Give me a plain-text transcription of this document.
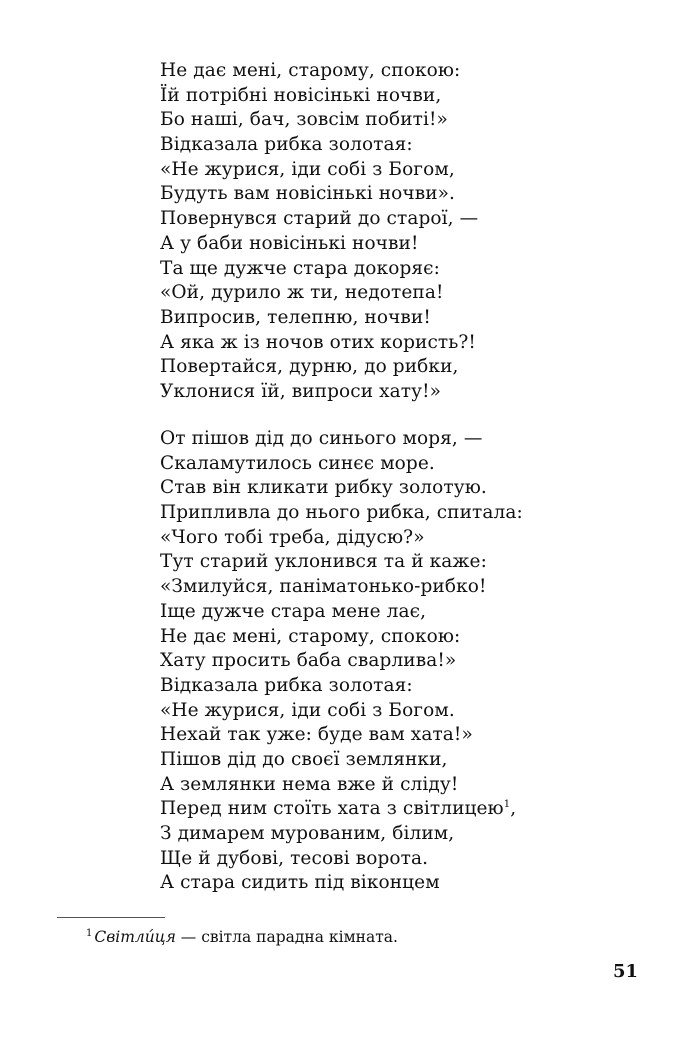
Не дає мені, старому, спокою:
Їй потрібні новісінькі ночви,
Бо наші, бач, зовсім побиті!»
Відказала рибка золотая:
«Не журися, іди собі з Богом,
Будуть вам новісінькі ночви».
Повернувся старий до старої, —
А у баби новісінькі ночви!
Та ще дужче стара докоряє:
«Ой, дурило ж ти, недотепа!
Випросив, телепню, ночви!
А яка ж із ночов отих користь?!
Повертайся, дурню, до рибки,
Уклонися їй, випроси хату!»
От пішов дід до синього моря, —
Скаламутилось синєє море.
Став він кликати рибку золотую.
Припливла до нього рибка, спитала:
«Чого тобі треба, дідусю?»
Тут старий уклонився та й каже:
«Змилуйся, паніматонько-рибко!
Іще дужче стара мене лає,
Не дає мені, старому, спокою:
Хату просить баба сварлива!»
Відказала рибка золотая:
«Не журися, іди собі з Богом.
Нехай так уже: буде вам хата!»
Пішов дід до своєї землянки,
А землянки нема вже й сліду!
Перед ним стоїть хата з світлицею$^1$,
З димарем мурованим, білим,
Ще й дубові, тесові ворота.
А стара сидить під віконцем
$^1$ Світли́ця — світла парадна кімната.
51
